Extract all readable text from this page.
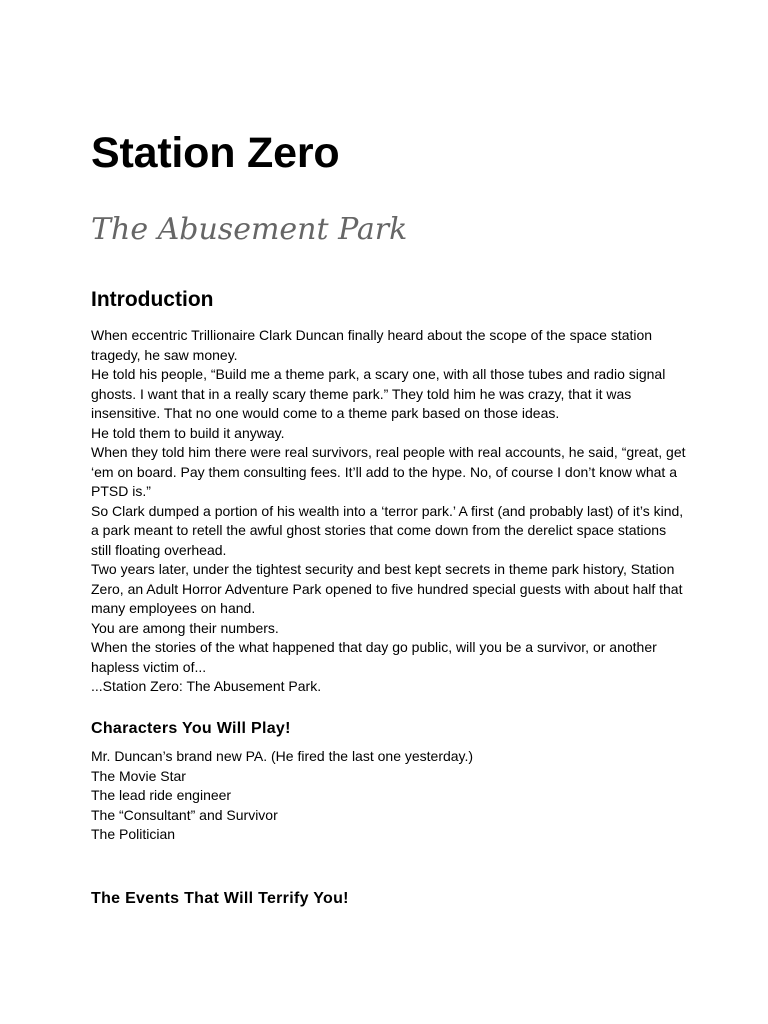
Station Zero
The Abusement Park
Introduction

When eccentric Trillionaire Clark Duncan finally heard about the scope of the space station

tragedy, he saw money.

He told his people, “Build me a theme park, a scary one, with all those tubes and radio signal

ghosts. I want that in a really scary theme park.” They told him he was crazy, that it was

insensitive. That no one would come to a theme park based on those ideas.

He told them to build it anyway.

When they told him there were real survivors, real people with real accounts, he said, “great, get

‘em on board. Pay them consulting fees. It’ll add to the hype. No, of course I don’t know what a

PTSD is.”

So Clark dumped a portion of his wealth into a ‘terror park.’ A first (and probably last) of it’s kind,

a park meant to retell the awful ghost stories that come down from the derelict space stations

still floating overhead.

Two years later, under the tightest security and best kept secrets in theme park history, Station

Zero, an Adult Horror Adventure Park opened to five hundred special guests with about half that

many employees on hand.

You are among their numbers.

When the stories of the what happened that day go public, will you be a survivor, or another

hapless victim of...

...Station Zero: The Abusement Park.

Characters You Will Play!
Mr. Duncan’s brand new PA. (He fired the last one yesterday.)
The Movie Star
The lead ride engineer
The “Consultant” and Survivor
The Politician
The Events That Will Terrify You!
